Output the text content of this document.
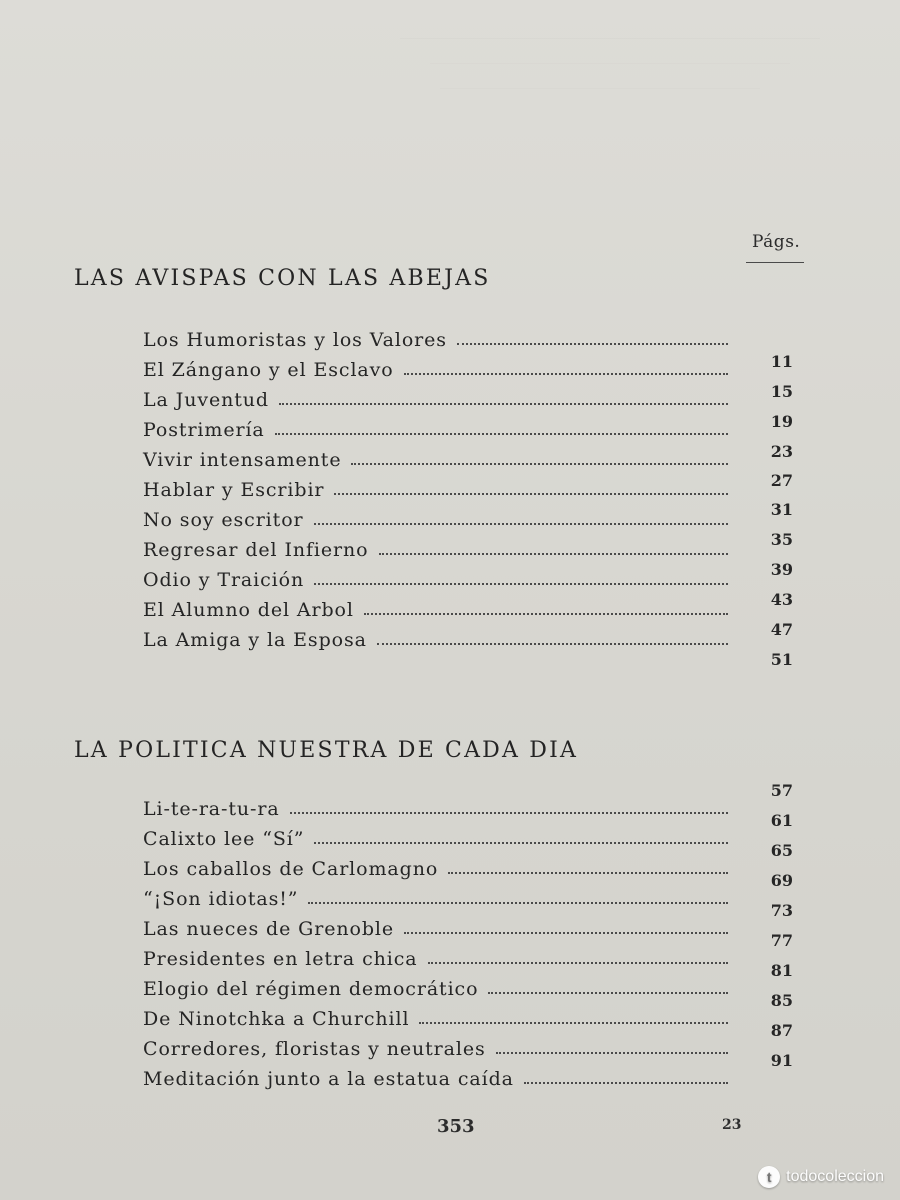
Págs.
LAS AVISPAS CON LAS ABEJAS
Los Humoristas y los Valores
El Zángano y el Esclavo
La Juventud
Postrimería
Vivir intensamente
Hablar y Escribir
No soy escritor
Regresar del Infierno
Odio y Traición
El Alumno del Arbol
La Amiga y la Esposa
11
15
19
23
27
31
35
39
43
47
51
LA POLITICA NUESTRA DE CADA DIA
Li-te-ra-tu-ra
Calixto lee “Sí”
Los caballos de Carlomagno
“¡Son idiotas!”
Las nueces de Grenoble
Presidentes en letra chica
Elogio del régimen democrático
De Ninotchka a Churchill
Corredores, floristas y neutrales
Meditación junto a la estatua caída
57
61
65
69
73
77
81
85
87
91
353	23
t todocoleccion
